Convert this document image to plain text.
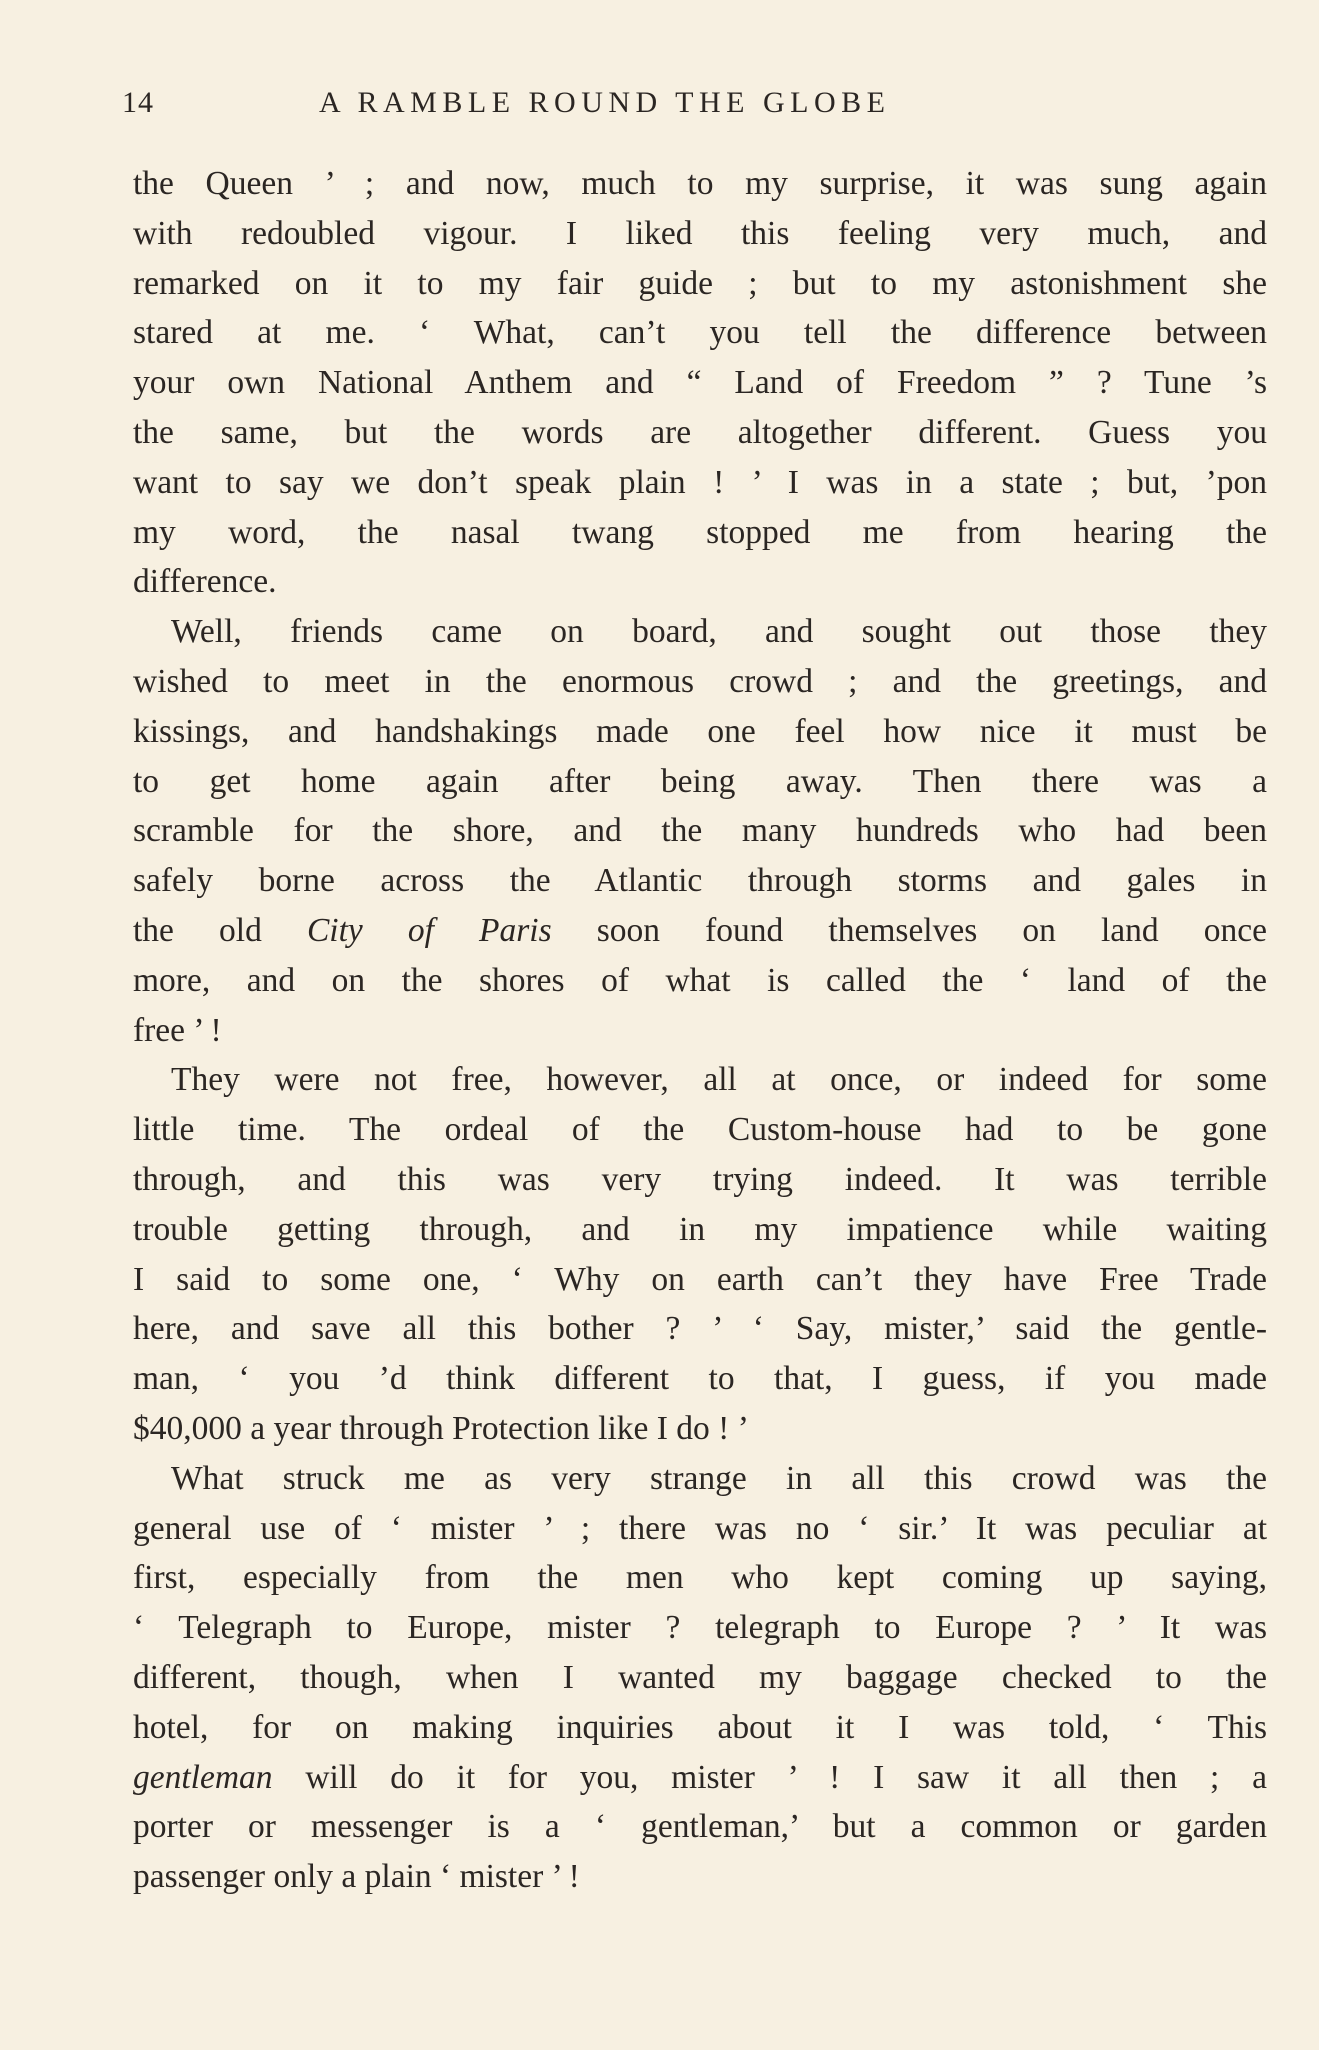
14	A RAMBLE ROUND THE GLOBE
the Queen ’ ; and now, much to my surprise, it was sung again
with redoubled vigour. I liked this feeling very much, and
remarked on it to my fair guide ; but to my astonishment she
stared at me. ‘ What, can’t you tell the difference between
your own National Anthem and “ Land of Freedom ” ? Tune ’s
the same, but the words are altogether different. Guess you
want to say we don’t speak plain ! ’ I was in a state ; but, ’pon
my word, the nasal twang stopped me from hearing the
difference.
Well, friends came on board, and sought out those they
wished to meet in the enormous crowd ; and the greetings, and
kissings, and handshakings made one feel how nice it must be
to get home again after being away. Then there was a
scramble for the shore, and the many hundreds who had been
safely borne across the Atlantic through storms and gales in
the old City of Paris soon found themselves on land once
more, and on the shores of what is called the ‘ land of the
free ’ !
They were not free, however, all at once, or indeed for some
little time. The ordeal of the Custom-house had to be gone
through, and this was very trying indeed. It was terrible
trouble getting through, and in my impatience while waiting
I said to some one, ‘ Why on earth can’t they have Free Trade
here, and save all this bother ? ’ ‘ Say, mister,’ said the gentle-
man, ‘ you ’d think different to that, I guess, if you made
$40,000 a year through Protection like I do ! ’
What struck me as very strange in all this crowd was the
general use of ‘ mister ’ ; there was no ‘ sir.’ It was peculiar at
first, especially from the men who kept coming up saying,
‘ Telegraph to Europe, mister ? telegraph to Europe ? ’ It was
different, though, when I wanted my baggage checked to the
hotel, for on making inquiries about it I was told, ‘ This
gentleman will do it for you, mister ’ ! I saw it all then ; a
porter or messenger is a ‘ gentleman,’ but a common or garden
passenger only a plain ‘ mister ’ !
